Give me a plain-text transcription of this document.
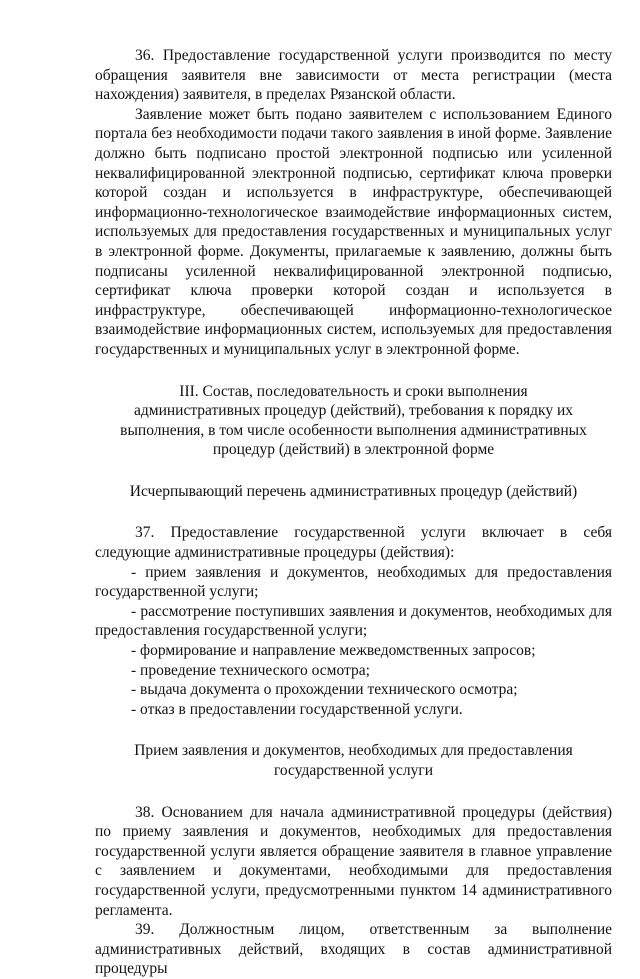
36. Предоставление государственной услуги производится по месту обращения заявителя вне зависимости от места регистрации (места нахождения) заявителя, в пределах Рязанской области.

Заявление может быть подано заявителем с использованием Единого портала без необходимости подачи такого заявления в иной форме. Заявление должно быть подписано простой электронной подписью или усиленной неквалифицированной электронной подписью, сертификат ключа проверки которой создан и используется в инфраструктуре, обеспечивающей информационно-технологическое взаимодействие информационных систем, используемых для предоставления государственных и муниципальных услуг в электронной форме. Документы, прилагаемые к заявлению, должны быть подписаны усиленной неквалифицированной электронной подписью, сертификат ключа проверки которой создан и используется в инфраструктуре, обеспечивающей информационно-технологическое взаимодействие информационных систем, используемых для предоставления государственных и муниципальных услуг в электронной форме.

III. Состав, последовательность и сроки выполнения административных процедур (действий), требования к порядку их выполнения, в том числе особенности выполнения административных процедур (действий) в электронной форме

Исчерпывающий перечень административных процедур (действий)

37. Предоставление государственной услуги включает в себя следующие административные процедуры (действия):

- прием заявления и документов, необходимых для предоставления государственной услуги;

- рассмотрение поступивших заявления и документов, необходимых для предоставления государственной услуги;

- формирование и направление межведомственных запросов;

- проведение технического осмотра;

- выдача документа о прохождении технического осмотра;

- отказ в предоставлении государственной услуги.

Прием заявления и документов, необходимых для предоставления государственной услуги

38. Основанием для начала административной процедуры (действия) по приему заявления и документов, необходимых для предоставления государственной услуги является обращение заявителя в главное управление с заявлением и документами, необходимыми для предоставления государственной услуги, предусмотренными пунктом 14 административного регламента.

39. Должностным лицом, ответственным за выполнение административных действий, входящих в состав административной процедуры
